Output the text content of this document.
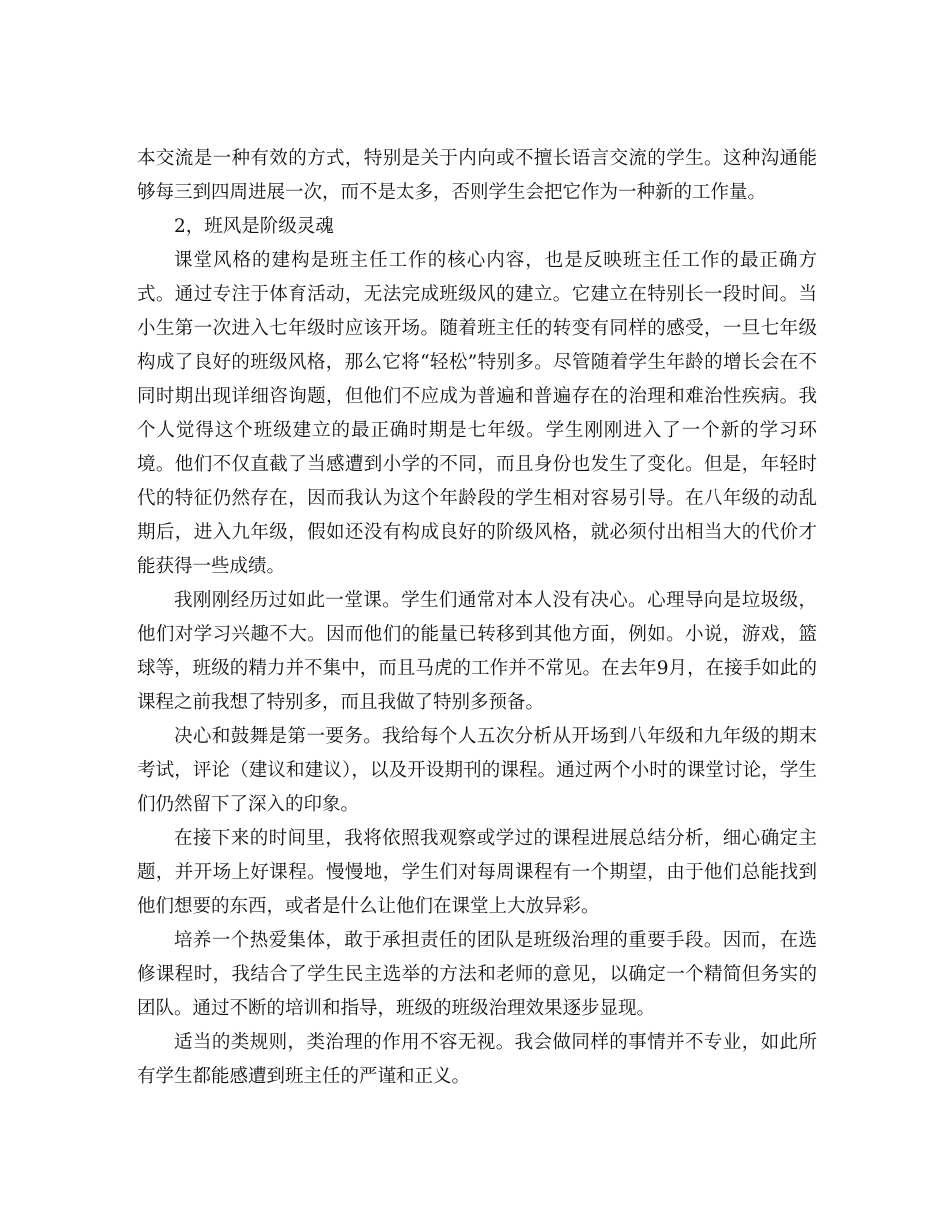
本交流是一种有效的方式，特别是关于内向或不擅长语言交流的学生。这种沟通能够每三到四周进展一次，而不是太多，否则学生会把它作为一种新的工作量。

2，班风是阶级灵魂

课堂风格的建构是班主任工作的核心内容，也是反映班主任工作的最正确方式。通过专注于体育活动，无法完成班级风的建立。它建立在特别长一段时间。当小生第一次进入七年级时应该开场。随着班主任的转变有同样的感受，一旦七年级构成了良好的班级风格，那么它将“轻松”特别多。尽管随着学生年龄的增长会在不同时期出现详细咨询题，但他们不应成为普遍和普遍存在的治理和难治性疾病。我个人觉得这个班级建立的最正确时期是七年级。学生刚刚进入了一个新的学习环境。他们不仅直截了当感遭到小学的不同，而且身份也发生了变化。但是，年轻时代的特征仍然存在，因而我认为这个年龄段的学生相对容易引导。在八年级的动乱期后，进入九年级，假如还没有构成良好的阶级风格，就必须付出相当大的代价才能获得一些成绩。

我刚刚经历过如此一堂课。学生们通常对本人没有决心。心理导向是垃圾级，他们对学习兴趣不大。因而他们的能量已转移到其他方面，例如。小说，游戏，篮球等，班级的精力并不集中，而且马虎的工作并不常见。在去年9月，在接手如此的课程之前我想了特别多，而且我做了特别多预备。

决心和鼓舞是第一要务。我给每个人五次分析从开场到八年级和九年级的期末考试，评论（建议和建议），以及开设期刊的课程。通过两个小时的课堂讨论，学生们仍然留下了深入的印象。

在接下来的时间里，我将依照我观察或学过的课程进展总结分析，细心确定主题，并开场上好课程。慢慢地，学生们对每周课程有一个期望，由于他们总能找到他们想要的东西，或者是什么让他们在课堂上大放异彩。

培养一个热爱集体，敢于承担责任的团队是班级治理的重要手段。因而，在选修课程时，我结合了学生民主选举的方法和老师的意见，以确定一个精简但务实的团队。通过不断的培训和指导，班级的班级治理效果逐步显现。

适当的类规则，类治理的作用不容无视。我会做同样的事情并不专业，如此所有学生都能感遭到班主任的严谨和正义。
